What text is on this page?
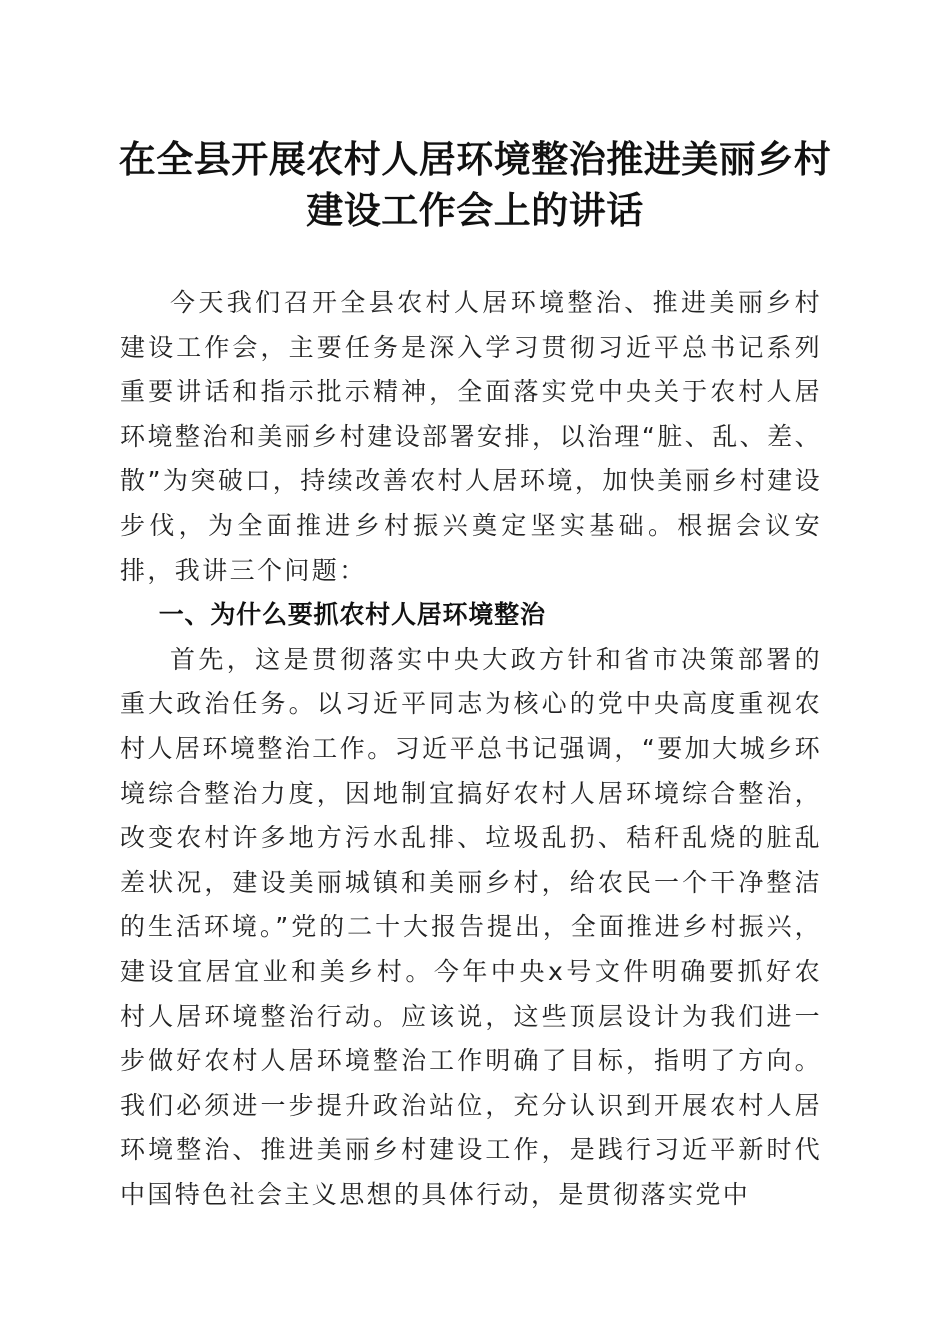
在全县开展农村人居环境整治推进美丽乡村建设工作会上的讲话

今天我们召开全县农村人居环境整治、推进美丽乡村建设工作会，主要任务是深入学习贯彻习近平总书记系列重要讲话和指示批示精神，全面落实党中央关于农村人居环境整治和美丽乡村建设部署安排，以治理“脏、乱、差、散”为突破口，持续改善农村人居环境，加快美丽乡村建设步伐，为全面推进乡村振兴奠定坚实基础。根据会议安排，我讲三个问题：

一、为什么要抓农村人居环境整治

首先，这是贯彻落实中央大政方针和省市决策部署的重大政治任务。以习近平同志为核心的党中央高度重视农村人居环境整治工作。习近平总书记强调，“要加大城乡环境综合整治力度，因地制宜搞好农村人居环境综合整治，改变农村许多地方污水乱排、垃圾乱扔、秸秆乱烧的脏乱差状况，建设美丽城镇和美丽乡村，给农民一个干净整洁的生活环境。”党的二十大报告提出，全面推进乡村振兴，建设宜居宜业和美乡村。今年中央x号文件明确要抓好农村人居环境整治行动。应该说，这些顶层设计为我们进一步做好农村人居环境整治工作明确了目标，指明了方向。我们必须进一步提升政治站位，充分认识到开展农村人居环境整治、推进美丽乡村建设工作，是践行习近平新时代中国特色社会主义思想的具体行动，是贯彻落实党中
